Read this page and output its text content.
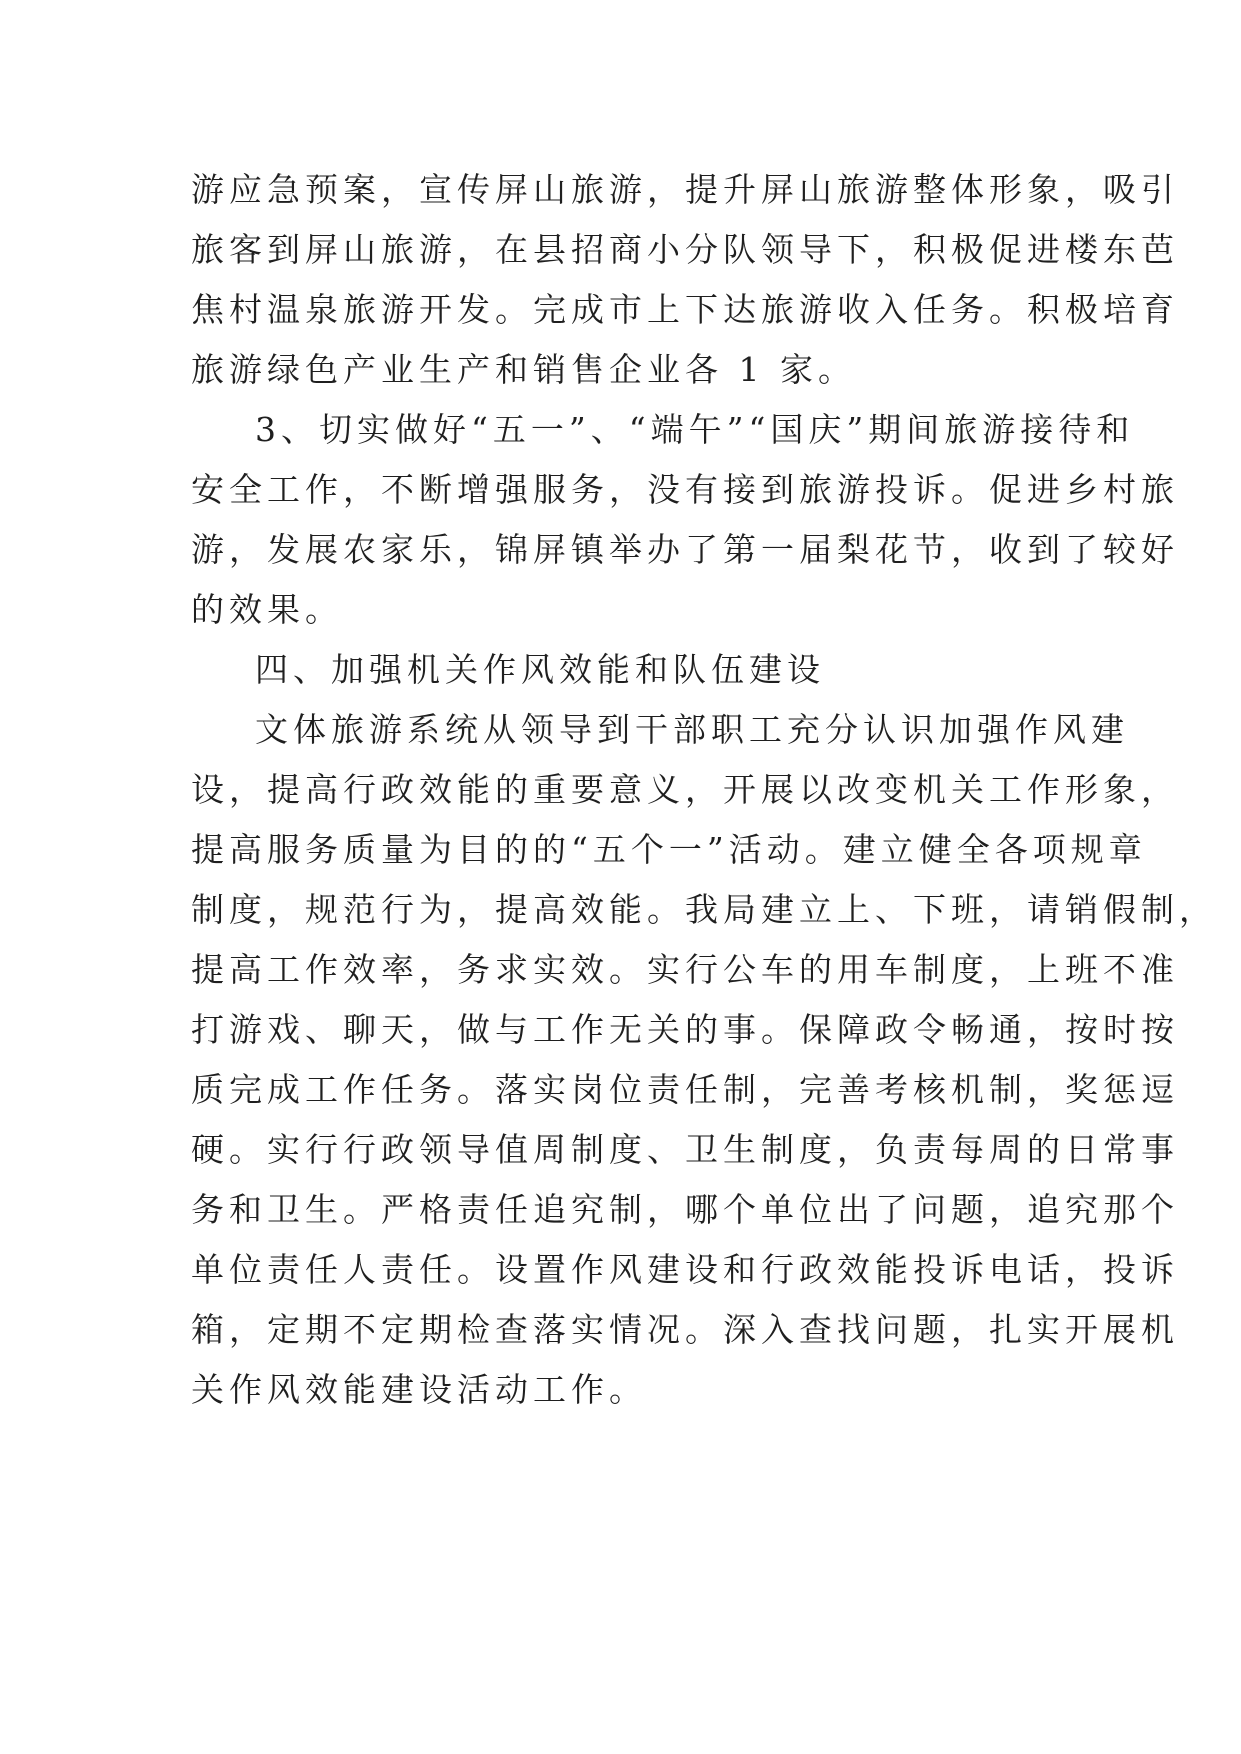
游应急预案，宣传屏山旅游，提升屏山旅游整体形象，吸引

旅客到屏山旅游，在县招商小分队领导下，积极促进楼东芭

焦村温泉旅游开发。完成市上下达旅游收入任务。积极培育

旅游绿色产业生产和销售企业各 1 家。

3、切实做好“五一”、“端午”“国庆”期间旅游接待和

安全工作，不断增强服务，没有接到旅游投诉。促进乡村旅

游，发展农家乐，锦屏镇举办了第一届梨花节，收到了较好

的效果。

四、加强机关作风效能和队伍建设

文体旅游系统从领导到干部职工充分认识加强作风建

设，提高行政效能的重要意义，开展以改变机关工作形象，

提高服务质量为目的的“五个一”活动。建立健全各项规章

制度，规范行为，提高效能。我局建立上、下班，请销假制，

提高工作效率，务求实效。实行公车的用车制度，上班不准

打游戏、聊天，做与工作无关的事。保障政令畅通，按时按

质完成工作任务。落实岗位责任制，完善考核机制，奖惩逗

硬。实行行政领导值周制度、卫生制度，负责每周的日常事

务和卫生。严格责任追究制，哪个单位出了问题，追究那个

单位责任人责任。设置作风建设和行政效能投诉电话，投诉

箱，定期不定期检查落实情况。深入查找问题，扎实开展机

关作风效能建设活动工作。
